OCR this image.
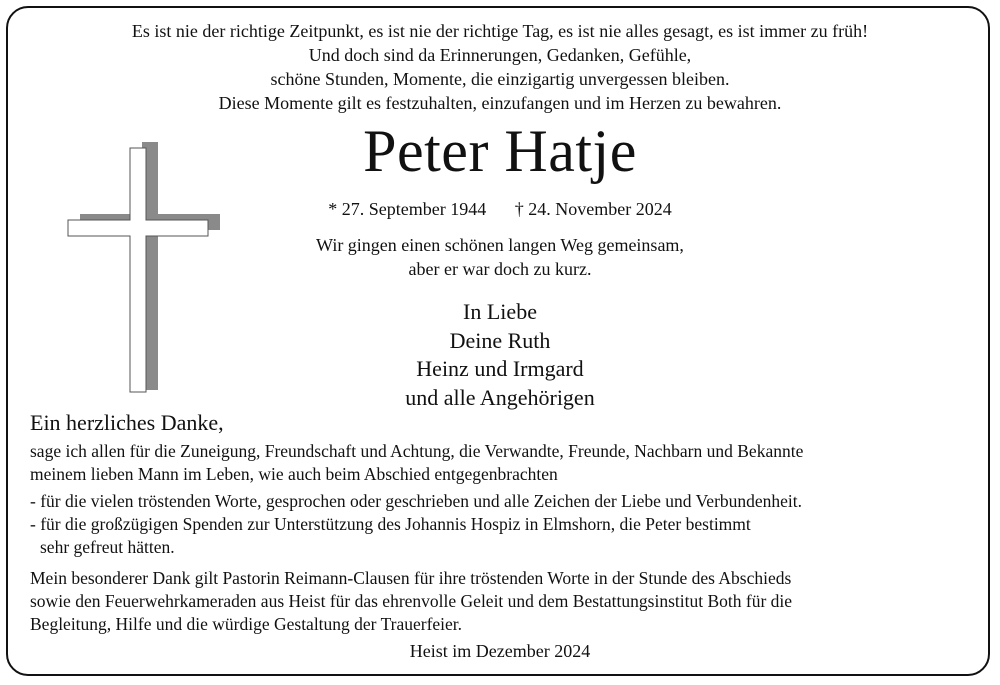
Es ist nie der richtige Zeitpunkt, es ist nie der richtige Tag, es ist nie alles gesagt, es ist immer zu früh!
Und doch sind da Erinnerungen, Gedanken, Gefühle,
schöne Stunden, Momente, die einzigartig unvergessen bleiben.
Diese Momente gilt es festzuhalten, einzufangen und im Herzen zu bewahren.
Peter Hatje
* 27. September 1944 † 24. November 2024
Wir gingen einen schönen langen Weg gemeinsam,
aber er war doch zu kurz.
In Liebe
Deine Ruth
Heinz und Irmgard
und alle Angehörigen
Ein herzliches Danke,
sage ich allen für die Zuneigung, Freundschaft und Achtung, die Verwandte, Freunde, Nachbarn und Bekannte
meinem lieben Mann im Leben, wie auch beim Abschied entgegenbrachten
- für die vielen tröstenden Worte, gesprochen oder geschrieben und alle Zeichen der Liebe und Verbundenheit.
- für die großzügigen Spenden zur Unterstützung des Johannis Hospiz in Elmshorn, die Peter bestimmt
sehr gefreut hätten.
Mein besonderer Dank gilt Pastorin Reimann-Clausen für ihre tröstenden Worte in der Stunde des Abschieds
sowie den Feuerwehrkameraden aus Heist für das ehrenvolle Geleit und dem Bestattungsinstitut Both für die
Begleitung, Hilfe und die würdige Gestaltung der Trauerfeier.
Heist im Dezember 2024
